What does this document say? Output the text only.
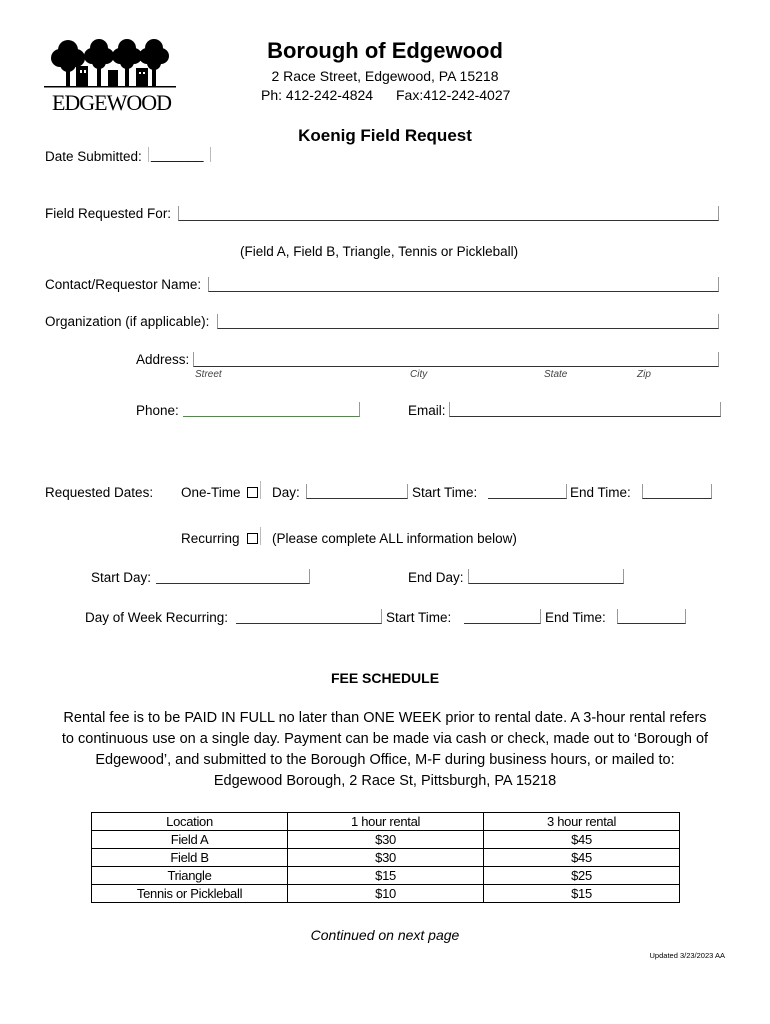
EDGEWOOD
Borough of Edgewood
2 Race Street, Edgewood, PA 15218
Ph: 412-242-4824 Fax:412-242-4027
Koenig Field Request
Date Submitted: _______
Field Requested For:
(Field A, Field B, Triangle, Tennis or Pickleball)
Contact/Requestor Name:
Organization (if applicable):
Address:
Street	City	State	Zip
Phone:	Email:
Requested Dates: One-Time Day:	Start Time:	End Time:
Recurring (Please complete ALL information below)
Start Day:	End Day:
Day of Week Recurring:	Start Time:	End Time:
FEE SCHEDULE
Rental fee is to be PAID IN FULL no later than ONE WEEK prior to rental date. A 3-hour rental refers
to continuous use on a single day. Payment can be made via cash or check, made out to ‘Borough of
Edgewood’, and submitted to the Borough Office, M-F during business hours, or mailed to:
Edgewood Borough, 2 Race St, Pittsburgh, PA 15218
Location	1 hour rental	3 hour rental
Field A	$30	$45
Field B	$30	$45
Triangle	$15	$25
Tennis or Pickleball	$10	$15
Continued on next page
Updated 3/23/2023 AA
